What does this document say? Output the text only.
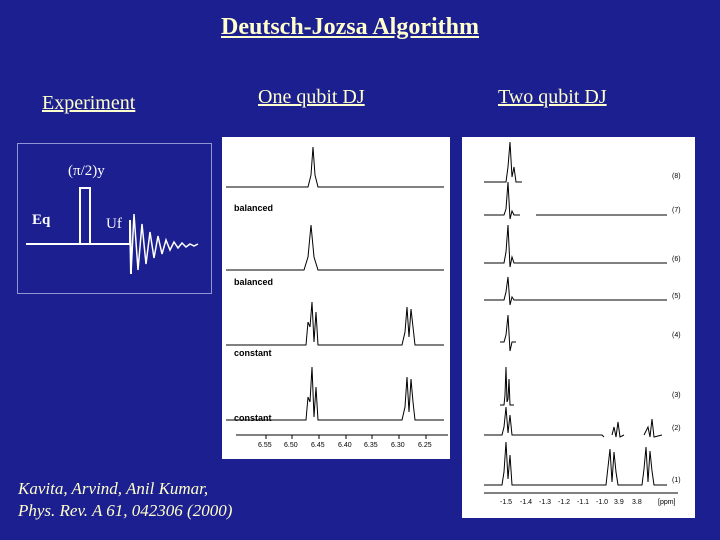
Deutsch-Jozsa Algorithm
Experiment	One qubit DJ	Two qubit DJ
(π/2)y
Eq	Uf
balanced
balanced
constant
constant
6.55 6.50 6.45 6.40 6.35 6.30 6.25
(8)
(7)
(6)
(5)
(4)
(3)
(2)
(1)
-1.5 -1.4 -1.3 -1.2 -1.1 -1.0 3.9 3.8 [ppm]
Kavita, Arvind, Anil Kumar,
Phys. Rev. A 61, 042306 (2000)
